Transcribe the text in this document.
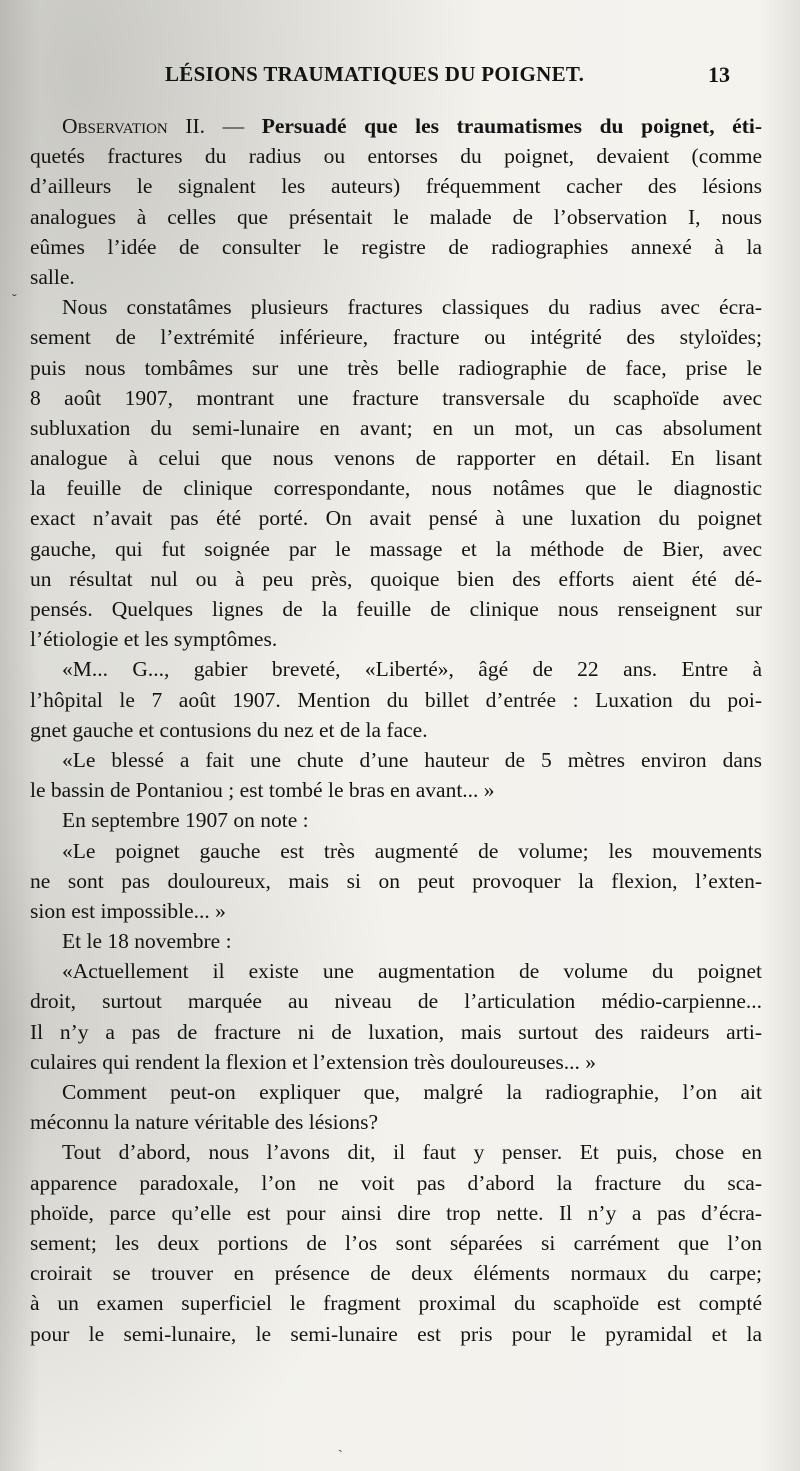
ˬ
LÉSIONS TRAUMATIQUES DU POIGNET.	13
Observation II. — Persuadé que les traumatismes du poignet, éti-
quetés fractures du radius ou entorses du poignet, devaient (comme
d’ailleurs le signalent les auteurs) fréquemment cacher des lésions
analogues à celles que présentait le malade de l’observation I, nous
eûmes l’idée de consulter le registre de radiographies annexé à la
salle.
Nous constatâmes plusieurs fractures classiques du radius avec écra-
sement de l’extrémité inférieure, fracture ou intégrité des styloïdes;
puis nous tombâmes sur une très belle radiographie de face, prise le
8 août 1907, montrant une fracture transversale du scaphoïde avec
subluxation du semi-lunaire en avant; en un mot, un cas absolument
analogue à celui que nous venons de rapporter en détail. En lisant
la feuille de clinique correspondante, nous notâmes que le diagnostic
exact n’avait pas été porté. On avait pensé à une luxation du poignet
gauche, qui fut soignée par le massage et la méthode de Bier, avec
un résultat nul ou à peu près, quoique bien des efforts aient été dé-
pensés. Quelques lignes de la feuille de clinique nous renseignent sur
l’étiologie et les symptômes.
«M... G..., gabier breveté, «Liberté», âgé de 22 ans. Entre à
l’hôpital le 7 août 1907. Mention du billet d’entrée : Luxation du poi-
gnet gauche et contusions du nez et de la face.
«Le blessé a fait une chute d’une hauteur de 5 mètres environ dans
le bassin de Pontaniou ; est tombé le bras en avant... »
En septembre 1907 on note :
«Le poignet gauche est très augmenté de volume; les mouvements
ne sont pas douloureux, mais si on peut provoquer la flexion, l’exten-
sion est impossible... »
Et le 18 novembre :
«Actuellement il existe une augmentation de volume du poignet
droit, surtout marquée au niveau de l’articulation médio-carpienne...
Il n’y a pas de fracture ni de luxation, mais surtout des raideurs arti-
culaires qui rendent la flexion et l’extension très douloureuses... »
Comment peut-on expliquer que, malgré la radiographie, l’on ait
méconnu la nature véritable des lésions?
Tout d’abord, nous l’avons dit, il faut y penser. Et puis, chose en
apparence paradoxale, l’on ne voit pas d’abord la fracture du sca-
phoïde, parce qu’elle est pour ainsi dire trop nette. Il n’y a pas d’écra-
sement; les deux portions de l’os sont séparées si carrément que l’on
croirait se trouver en présence de deux éléments normaux du carpe;
à un examen superficiel le fragment proximal du scaphoïde est compté
pour le semi-lunaire, le semi-lunaire est pris pour le pyramidal et la
ˎ
